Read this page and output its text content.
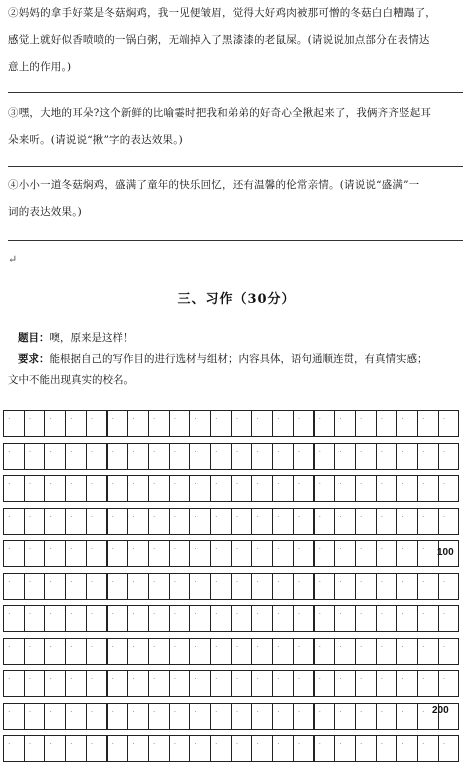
②妈妈的拿手好菜是冬菇焖鸡，我一见便皱眉，觉得大好鸡肉被那可憎的冬菇白白糟蹋了，
感觉上就好似香喷喷的一锅白粥，无端掉入了黑漆漆的老鼠屎。(请说说加点部分在表情达
意上的作用。)
③嘿，大地的耳朵?这个新鲜的比喻霎时把我和弟弟的好奇心全揪起来了，我俩齐齐竖起耳
朵来听。(请说说“揪”字的表达效果。)
④小小一道冬菇焖鸡，盛满了童年的快乐回忆，还有温馨的伦常亲情。(请说说“盛满”一
词的表达效果。)
↵
三、习作（30分）
题目：噢，原来是这样！
要求：能根据自己的写作目的进行选材与组材；内容具体，语句通顺连贯，有真情实感；
文中不能出现真实的校名。
.
.
.
.
.
.
.
.
.
.
.
.
.
.
.
.
.
.
.
.
.
.
.
.
.
.
.
.
.
.
.
.
.
.
.
.
.
.
.
.
.
.
.
.
.
.
.
.
.
.
.
.
.
.
.
.
.
.
.
.
.
.
.
.
.
.
.
.
.
.
.
.
.
.
.
.
.
.
.
.
.
.
.
.
.
.
.
.
.
.
.
.
.
.
.
.
.
.
.
.
.
.
.
.
.
.
.
.
.
.
.
.
.
.
.
.
.
.
.
.
.
.
.
.
.
.
.
.
.
.
.
.
.
.
.
.
.
.
.
.
.
.
.
.
.
.
.
.
.
.
.
.
.
.
.
.
.
.
.
.
.
.
.
.
.
.
.
.
.
.
.
.
.
.
.
.
.
.
.
.
.
.
.
.
.
.
.
.
.
.
.
.
.
.
.
.
.
.
.
.
.
.
.
.
.
.
.
.
.
.
.
.
.
.
.
.
.
.
.
.
.
.
.
.
.
.
.
.
.
.
.
.
.
.
.
.
.
.
.
.
.
.
100
200
